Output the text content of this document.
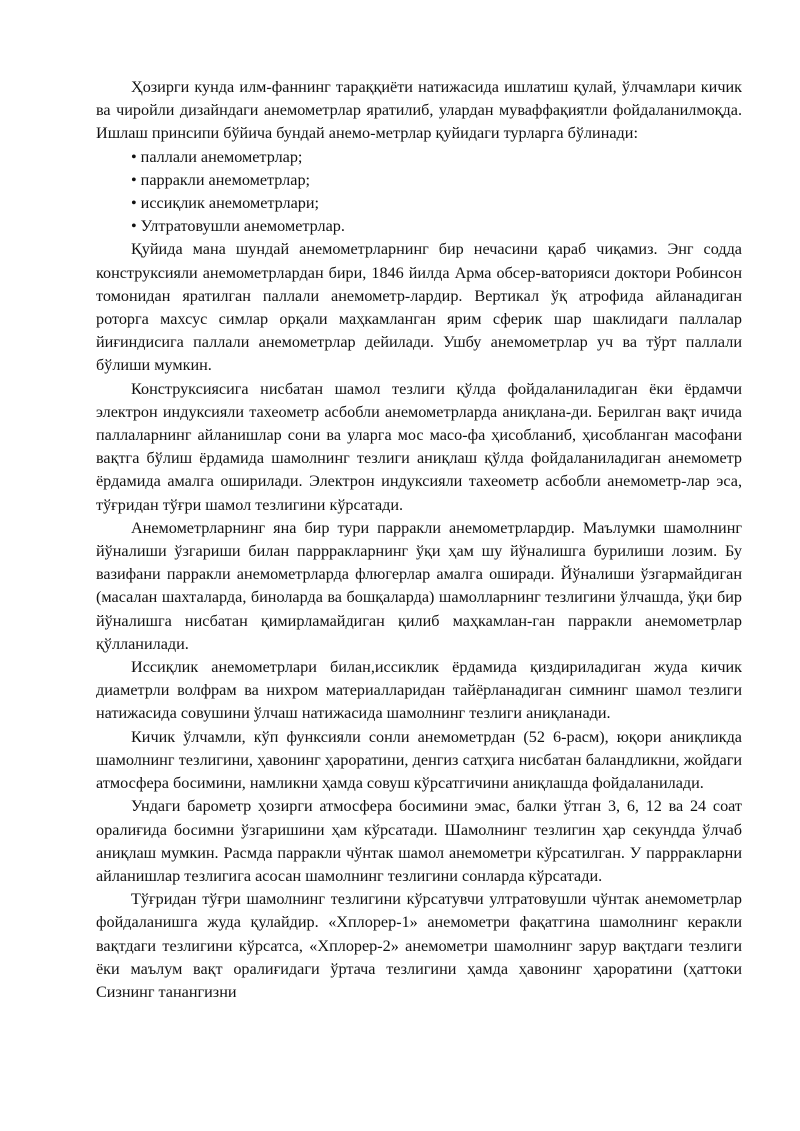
Ҳозирги кунда илм-фаннинг тараққиёти натижасида ишлатиш қулай, ўлчамлари кичик ва чиройли дизайндаги анемометрлар яратилиб, улардан муваффақиятли фойдаланилмоқда. Ишлаш принсипи бўйича бундай анемо-метрлар қуйидаги турларга бўлинади:

• паллали анемометрлар;
• парракли анемометрлар;
• иссиқлик анемометрлари;
• Ултратовушли анемометрлар.

Қуйида мана шундай анемометрларнинг бир нечасини қараб чиқамиз. Энг содда конструксияли анемометрлардан бири, 1846 йилда Арма обсер-ваторияси доктори Робинсон томонидан яратилган паллали анемометр-лардир. Вертикал ўқ атрофида айланадиган роторга махсус симлар орқали маҳкамланган ярим сферик шар шаклидаги паллалар йиғиндисига паллали анемометрлар дейилади. Ушбу анемометрлар уч ва тўрт паллали бўлиши мумкин.

Конструксиясига нисбатан шамол тезлиги қўлда фойдаланиладиган ёки ёрдамчи электрон индуксияли тахеометр асбобли анемометрларда аниқлана-ди. Берилган вақт ичида паллаларнинг айланишлар сони ва уларга мос масо-фа ҳисобланиб, ҳисобланган масофани вақтга бўлиш ёрдамида шамолнинг тезлиги аниқлаш қўлда фойдаланиладиган анемометр ёрдамида амалга оширилади. Электрон индуксияли тахеометр асбобли анемометр-лар эса, тўғридан тўғри шамол тезлигини кўрсатади.

Анемометрларнинг яна бир тури парракли анемометрлардир. Маълумки шамолнинг йўналиши ўзгариши билан паррракларнинг ўқи ҳам шу йўналишга бурилиши лозим. Бу вазифани парракли анемометрларда флюгерлар амалга оширади. Йўналиши ўзгармайдиган (масалан шахталарда, биноларда ва бошқаларда) шамолларнинг тезлигини ўлчашда, ўқи бир йўналишга нисбатан қимирламайдиган қилиб маҳкамлан-ган парракли анемометрлар қўлланилади.

Иссиқлик анемометрлари билан,иссиклик ёрдамида қиздириладиган жуда кичик диаметрли волфрам ва нихром материалларидан тайёрланадиган симнинг шамол тезлиги натижасида совушини ўлчаш натижасида шамолнинг тезлиги аниқланади.

Кичик ўлчамли, кўп функсияли сонли анемометрдан (52 6-расм), юқори аниқликда шамолнинг тезлигини, ҳавонинг ҳароратини, денгиз сатҳига нисбатан баландликни, жойдаги атмосфера босимини, намликни ҳамда совуш кўрсатгичини аниқлашда фойдаланилади.

Ундаги барометр ҳозирги атмосфера босимини эмас, балки ўтган 3, 6, 12 ва 24 соат оралиғида босимни ўзгаришини ҳам кўрсатади. Шамолнинг тезлигин ҳар секундда ўлчаб аниқлаш мумкин. Расмда парракли чўнтак шамол анемометри кўрсатилган. У паррракларни айланишлар тезлигига асосан шамолнинг тезлигини сонларда кўрсатади.

Тўғридан тўғри шамолнинг тезлигини кўрсатувчи ултратовушли чўнтак анемометрлар фойдаланишга жуда қулайдир. «Хплорер-1» анемометри фақатгина шамолнинг керакли вақтдаги тезлигини кўрсатса, «Хплорер-2» анемометри шамолнинг зарур вақтдаги тезлиги ёки маълум вақт оралиғидаги ўртача тезлигини ҳамда ҳавонинг ҳароратини (ҳаттоки Сизнинг танангизни
